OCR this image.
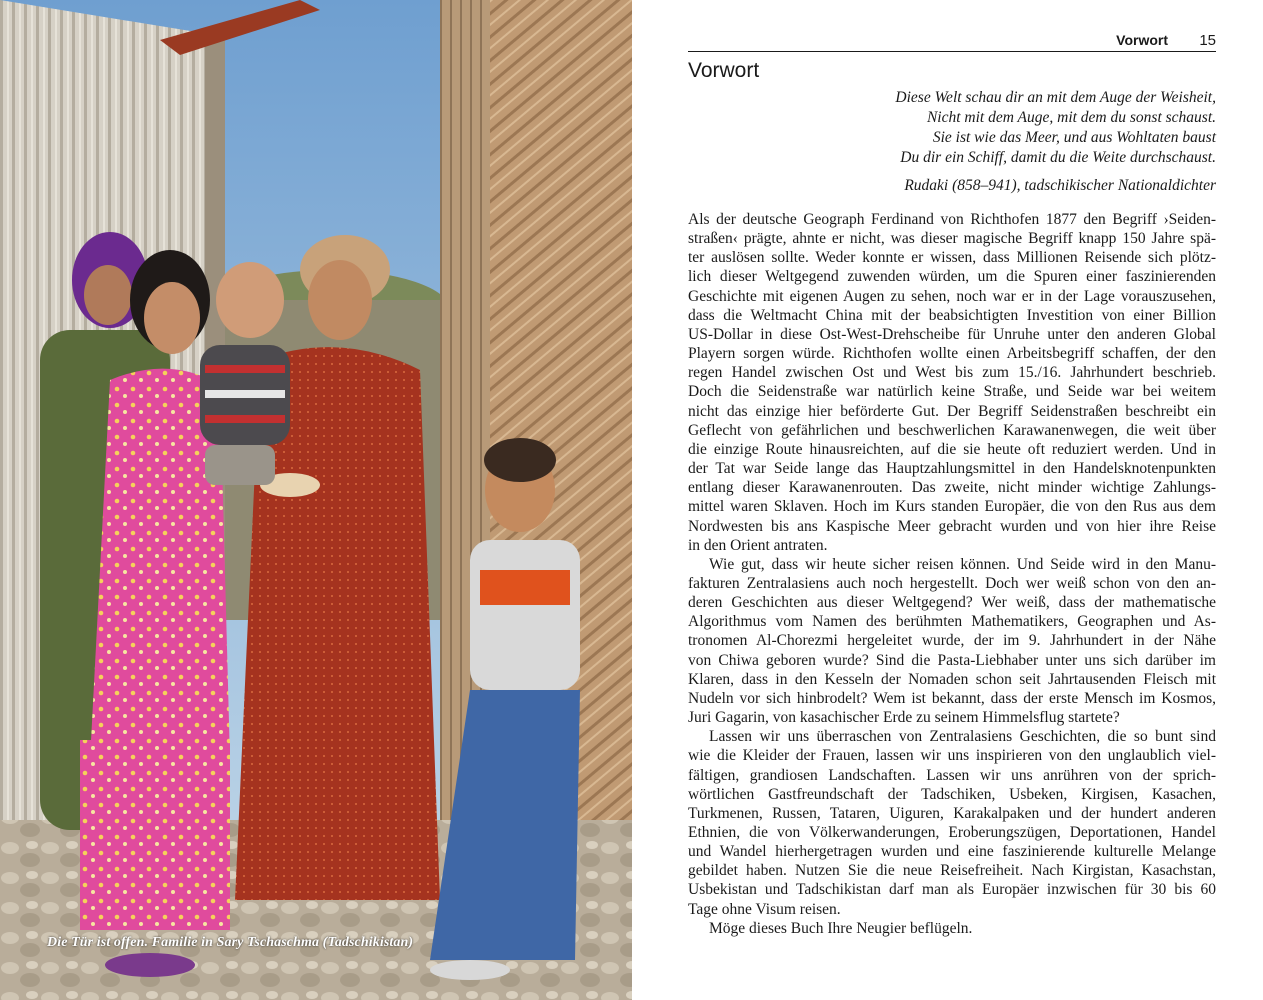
Die Tür ist offen. Familie in Sary Tschaschma (Tadschikistan)
Vorwort 15
Vorwort
Diese Welt schau dir an mit dem Auge der Weisheit,
Nicht mit dem Auge, mit dem du sonst schaust.
Sie ist wie das Meer, und aus Wohltaten baust
Du dir ein Schiff, damit du die Weite durchschaust.
Rudaki (858–941), tadschikischer Nationaldichter
Als der deutsche Geograph Ferdinand von Richthofen 1877 den Begriff ›Seiden-
straßen‹ prägte, ahnte er nicht, was dieser magische Begriff knapp 150 Jahre spä-
ter auslösen sollte. Weder konnte er wissen, dass Millionen Reisende sich plötz-
lich dieser Weltgegend zuwenden würden, um die Spuren einer faszinierenden
Geschichte mit eigenen Augen zu sehen, noch war er in der Lage vorauszusehen,
dass die Weltmacht China mit der beabsichtigten Investition von einer Billion
US-Dollar in diese Ost-West-Drehscheibe für Unruhe unter den anderen Global
Playern sorgen würde. Richthofen wollte einen Arbeitsbegriff schaffen, der den
regen Handel zwischen Ost und West bis zum 15./16. Jahrhundert beschrieb.
Doch die Seidenstraße war natürlich keine Straße, und Seide war bei weitem
nicht das einzige hier beförderte Gut. Der Begriff Seidenstraßen beschreibt ein
Geflecht von gefährlichen und beschwerlichen Karawanenwegen, die weit über
die einzige Route hinausreichten, auf die sie heute oft reduziert werden. Und in
der Tat war Seide lange das Hauptzahlungsmittel in den Handelsknotenpunkten
entlang dieser Karawanenrouten. Das zweite, nicht minder wichtige Zahlungs-
mittel waren Sklaven. Hoch im Kurs standen Europäer, die von den Rus aus dem
Nordwesten bis ans Kaspische Meer gebracht wurden und von hier ihre Reise
in den Orient antraten.
Wie gut, dass wir heute sicher reisen können. Und Seide wird in den Manu-
fakturen Zentralasiens auch noch hergestellt. Doch wer weiß schon von den an-
deren Geschichten aus dieser Weltgegend? Wer weiß, dass der mathematische
Algorithmus vom Namen des berühmten Mathematikers, Geographen und As-
tronomen Al-Chorezmi hergeleitet wurde, der im 9. Jahrhundert in der Nähe
von Chiwa geboren wurde? Sind die Pasta-Liebhaber unter uns sich darüber im
Klaren, dass in den Kesseln der Nomaden schon seit Jahrtausenden Fleisch mit
Nudeln vor sich hinbrodelt? Wem ist bekannt, dass der erste Mensch im Kosmos,
Juri Gagarin, von kasachischer Erde zu seinem Himmelsflug startete?
Lassen wir uns überraschen von Zentralasiens Geschichten, die so bunt sind
wie die Kleider der Frauen, lassen wir uns inspirieren von den unglaublich viel-
fältigen, grandiosen Landschaften. Lassen wir uns anrühren von der sprich-
wörtlichen Gastfreundschaft der Tadschiken, Usbeken, Kirgisen, Kasachen,
Turkmenen, Russen, Tataren, Uiguren, Karakalpaken und der hundert anderen
Ethnien, die von Völkerwanderungen, Eroberungszügen, Deportationen, Handel
und Wandel hierhergetragen wurden und eine faszinierende kulturelle Melange
gebildet haben. Nutzen Sie die neue Reisefreiheit. Nach Kirgistan, Kasachstan,
Usbekistan und Tadschikistan darf man als Europäer inzwischen für 30 bis 60
Tage ohne Visum reisen.
Möge dieses Buch Ihre Neugier beflügeln.
